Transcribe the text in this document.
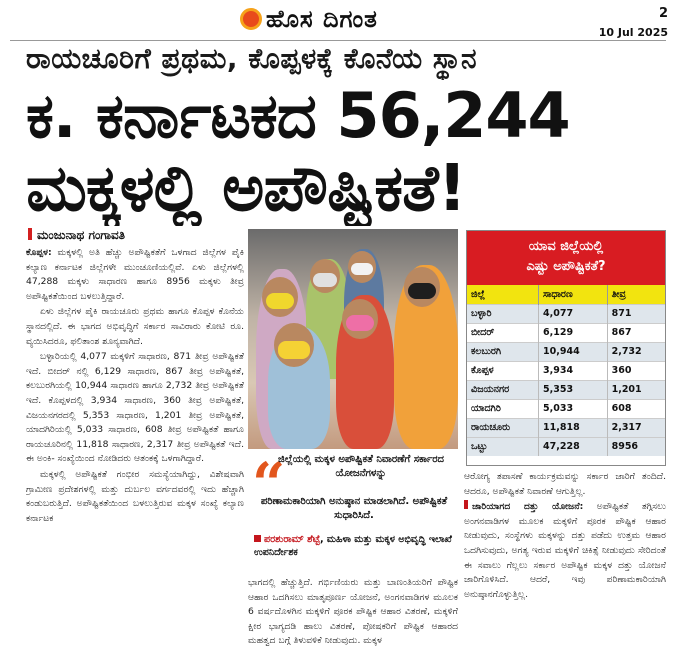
ಹೊಸ ದಿಗಂತ	2
10 Jul 2025
ರಾಯಚೂರಿಗೆ ಪ್ರಥಮ, ಕೊಪ್ಪಳಕ್ಕೆ ಕೊನೆಯ ಸ್ಥಾನ
ಕ. ಕರ್ನಾಟಕದ 56,244
ಮಕ್ಕಳಲ್ಲಿ ಅಪೌಷ್ಟಿಕತೆ!
ಮಂಜುನಾಥ ಗಂಗಾವತಿ

ಕೊಪ್ಪಳ: ಮಕ್ಕಳಲ್ಲಿ ಅತಿ ಹೆಚ್ಚು ಅಪೌಷ್ಟಿಕತೆಗೆ ಒಳಗಾದ ಜಿಲ್ಲೆಗಳ ಪೈಕಿ ಕಲ್ಯಾಣ ಕರ್ನಾಟಕ ಜಿಲ್ಲೆಗಳೇ ಮುಂಚೂಣಿಯಲ್ಲಿವೆ. ಏಳು ಜಿಲ್ಲೆಗಳಲ್ಲಿ 47,288 ಮಕ್ಕಳು ಸಾಧಾರಣ ಹಾಗೂ 8956 ಮಕ್ಕಳು ತೀವ್ರ ಅಪೌಷ್ಟಿಕತೆಯಿಂದ ಬಳಲುತ್ತಿದ್ದಾರೆ.

ಏಳು ಜಿಲ್ಲೆಗಳ ಪೈಕಿ ರಾಯಚೂರು ಪ್ರಥಮ ಹಾಗೂ ಕೊಪ್ಪಳ ಕೊನೆಯ ಸ್ಥಾನದಲ್ಲಿದೆ. ಈ ಭಾಗದ ಅಭಿವೃದ್ಧಿಗೆ ಸರ್ಕಾರ ಸಾವಿರಾರು ಕೋಟಿ ರೂ. ವ್ಯಯಿಸಿದರೂ, ಫಲಿತಾಂಶ ಶೂನ್ಯವಾಗಿದೆ.

ಬಳ್ಳಾರಿಯಲ್ಲಿ 4,077 ಮಕ್ಕಳಿಗೆ ಸಾಧಾರಣ, 871 ತೀವ್ರ ಅಪೌಷ್ಟಿಕತೆ ಇದೆ. ಬೀದರ್ ನಲ್ಲಿ 6,129 ಸಾಧಾರಣ, 867 ತೀವ್ರ ಅಪೌಷ್ಟಿಕತೆ, ಕಲಬುರಗಿಯಲ್ಲಿ 10,944 ಸಾಧಾರಣ ಹಾಗೂ 2,732 ತೀವ್ರ ಅಪೌಷ್ಟಿಕತೆ ಇದೆ. ಕೊಪ್ಪಳದಲ್ಲಿ 3,934 ಸಾಧಾರಣ, 360 ತೀವ್ರ ಅಪೌಷ್ಟಿಕತೆ, ವಿಜಯನಗರದಲ್ಲಿ 5,353 ಸಾಧಾರಣ, 1,201 ತೀವ್ರ ಅಪೌಷ್ಟಿಕತೆ, ಯಾದಗಿರಿಯಲ್ಲಿ 5,033 ಸಾಧಾರಣ, 608 ತೀವ್ರ ಅಪೌಷ್ಟಿಕತೆ ಹಾಗೂ ರಾಯಚೂರಿನಲ್ಲಿ 11,818 ಸಾಧಾರಣ, 2,317 ತೀವ್ರ ಅಪೌಷ್ಟಿಕತೆ ಇದೆ. ಈ ಅಂಕಿ- ಸಂಖ್ಯೆಯಿಂದ ನೋಡಿದರು ಆತಂಕಕ್ಕೆ ಒಳಗಾಗಿದ್ದಾರೆ.

ಮಕ್ಕಳಲ್ಲಿ ಅಪೌಷ್ಟಿಕತೆ ಗಂಭೀರ ಸಮಸ್ಯೆಯಾಗಿದ್ದು, ವಿಶೇಷವಾಗಿ ಗ್ರಾಮೀಣ ಪ್ರದೇಶಗಳಲ್ಲಿ ಮತ್ತು ದುರ್ಬಲ ವರ್ಗದವರಲ್ಲಿ ಇದು ಹೆಚ್ಚಾಗಿ ಕಂಡುಬರುತ್ತಿದೆ. ಅಪೌಷ್ಟಿಕತೆಯಿಂದ ಬಳಲುತ್ತಿರುವ ಮಕ್ಕಳ ಸಂಖ್ಯೆ ಕಲ್ಯಾಣ ಕರ್ನಾಟಕ

“
ಜಿಲ್ಲೆಯಲ್ಲಿ ಮಕ್ಕಳ ಅಪೌಷ್ಟಿಕತೆ ನಿವಾರಣೆಗೆ ಸರ್ಕಾರದ ಯೋಜನೆಗಳನ್ನು
ಪರಿಣಾಮಕಾರಿಯಾಗಿ ಅನುಷ್ಠಾನ ಮಾಡಲಾಗಿದೆ. ಅಪೌಷ್ಟಿಕತೆ ಸುಧಾರಿಸಿದೆ.
ಪರಶುರಾಮ್ ಶೆಟ್ಟೆ, ಮಹಿಳಾ ಮತ್ತು ಮಕ್ಕಳ ಅಭಿವೃದ್ಧಿ ಇಲಾಖೆ ಉಪನಿರ್ದೇಶಕ

ಭಾಗದಲ್ಲಿ ಹೆಚ್ಚುತ್ತಿದೆ. ಗರ್ಭಿಣಿಯರು ಮತ್ತು ಬಾಣಂತಿಯರಿಗೆ ಪೌಷ್ಟಿಕ ಆಹಾರ ಒದಗಿಸಲು ಮಾತೃಪೂರ್ಣ ಯೋಜನೆ, ಅಂಗನವಾಡಿಗಳ ಮೂಲಕ 6 ವರ್ಷದೊಳಗಿನ ಮಕ್ಕಳಿಗೆ ಪೂರಕ ಪೌಷ್ಟಿಕ ಆಹಾರ ವಿತರಣೆ, ಮಕ್ಕಳಿಗೆ ಕ್ಷೀರ ಭಾಗ್ಯದಡಿ ಹಾಲು ವಿತರಣೆ, ಪೋಷಕರಿಗೆ ಪೌಷ್ಟಿಕ ಆಹಾರದ ಮಹತ್ವದ ಬಗ್ಗೆ ತಿಳುವಳಿಕೆ ನೀಡುವುದು. ಮಕ್ಕಳ

ಯಾವ ಜಿಲ್ಲೆಯಲ್ಲಿ
ಎಷ್ಟು ಅಪೌಷ್ಟಿಕತೆ?
ಜಿಲ್ಲೆ	ಸಾಧಾರಣ	ತೀವ್ರ
ಬಳ್ಳಾರಿ	4,077	871
ಬೀದರ್	6,129	867
ಕಲಬುರಗಿ	10,944	2,732
ಕೊಪ್ಪಳ	3,934	360
ವಿಜಯನಗರ	5,353	1,201
ಯಾದಗಿರಿ	5,033	608
ರಾಯಚೂರು	11,818	2,317
ಒಟ್ಟು	47,228	8956

ಆರೋಗ್ಯ ತಪಾಸಣೆ ಕಾರ್ಯಕ್ರಮವನ್ನು ಸರ್ಕಾರ ಜಾರಿಗೆ ತಂದಿದೆ. ಆದರೂ, ಅಪೌಷ್ಟಿಕತೆ ನಿವಾರಣೆ ಆಗುತ್ತಿಲ್ಲ.

ಜಾರಿಯಾಗದ ದತ್ತು ಯೋಜನೆ: ಅಪೌಷ್ಟಿಕತೆ ತಗ್ಗಿಸಲು ಅಂಗನವಾಡಿಗಳ ಮೂಲಕ ಮಕ್ಕಳಿಗೆ ಪೂರಕ ಪೌಷ್ಟಿಕ ಆಹಾರ ನೀಡುವುದು, ಸಂಸ್ಥೆಗಳು ಮಕ್ಕಳನ್ನು ದತ್ತು ಪಡೆದು ಉತ್ತಮ ಆಹಾರ ಒದಗಿಸುವುದು, ಅಗತ್ಯ ಇರುವ ಮಕ್ಕಳಿಗೆ ಚಿಕಿತ್ಸೆ ನೀಡುವುದು ಸೇರಿದಂತೆ ಈ ಸವಾಲು ಗೆಲ್ಲಲು ಸರ್ಕಾರ ಅಪೌಷ್ಟಿಕ ಮಕ್ಕಳ ದತ್ತು ಯೋಜನೆ ಜಾರಿಗೊಳಿಸಿದೆ. ಆದರೆ, ಇವು ಪರಿಣಾಮಕಾರಿಯಾಗಿ ಅನುಷ್ಠಾನಗೊಳ್ಳುತ್ತಿಲ್ಲ.
